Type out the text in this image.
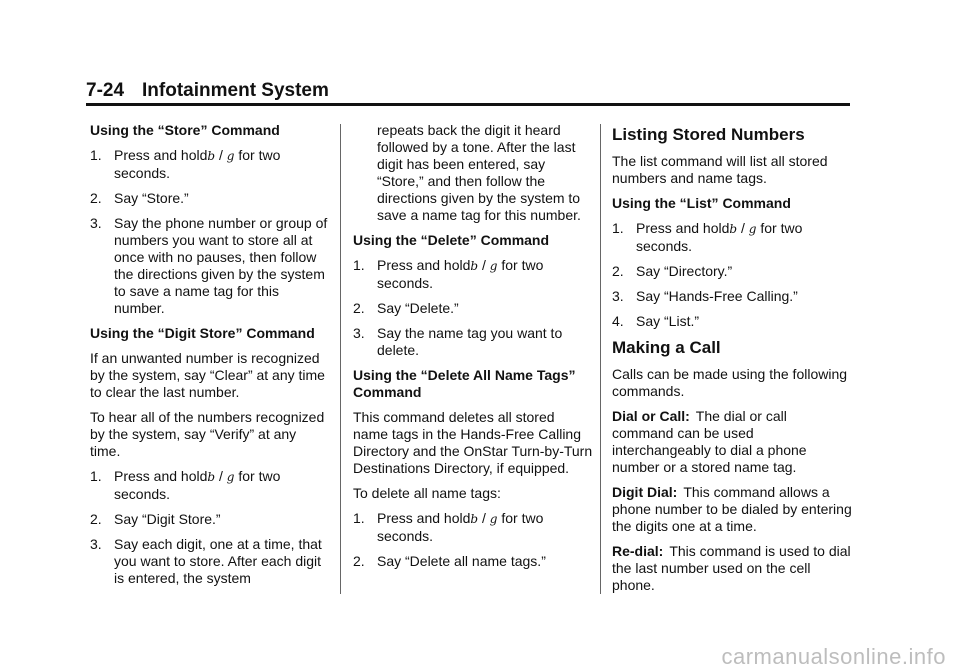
7-24 Infotainment System

Using the “Store” Command

1. Press and holdb / g for two seconds.

2. Say “Store.”

3. Say the phone number or group of numbers you want to store all at once with no pauses, then follow the directions given by the system to save a name tag for this number.

Using the “Digit Store” Command

If an unwanted number is recognized by the system, say “Clear” at any time to clear the last number.

To hear all of the numbers recognized by the system, say “Verify” at any time.

1. Press and holdb / g for two seconds.

2. Say “Digit Store.”

3. Say each digit, one at a time, that you want to store. After each digit is entered, the system

repeats back the digit it heard followed by a tone. After the last digit has been entered, say “Store,” and then follow the directions given by the system to save a name tag for this number.

Using the “Delete” Command

1. Press and holdb / g for two seconds.

2. Say “Delete.”

3. Say the name tag you want to delete.

Using the “Delete All Name Tags” Command

This command deletes all stored name tags in the Hands-Free Calling Directory and the OnStar Turn-by-Turn Destinations Directory, if equipped.

To delete all name tags:

1. Press and holdb / g for two seconds.

2. Say “Delete all name tags.”

Listing Stored Numbers

The list command will list all stored numbers and name tags.

Using the “List” Command

1. Press and holdb / g for two seconds.

2. Say “Directory.”

3. Say “Hands-Free Calling.”

4. Say “List.”

Making a Call

Calls can be made using the following commands.

Dial or Call: The dial or call command can be used interchangeably to dial a phone number or a stored name tag.

Digit Dial: This command allows a phone number to be dialed by entering the digits one at a time.

Re-dial: This command is used to dial the last number used on the cell phone.

carmanualsonline.info
